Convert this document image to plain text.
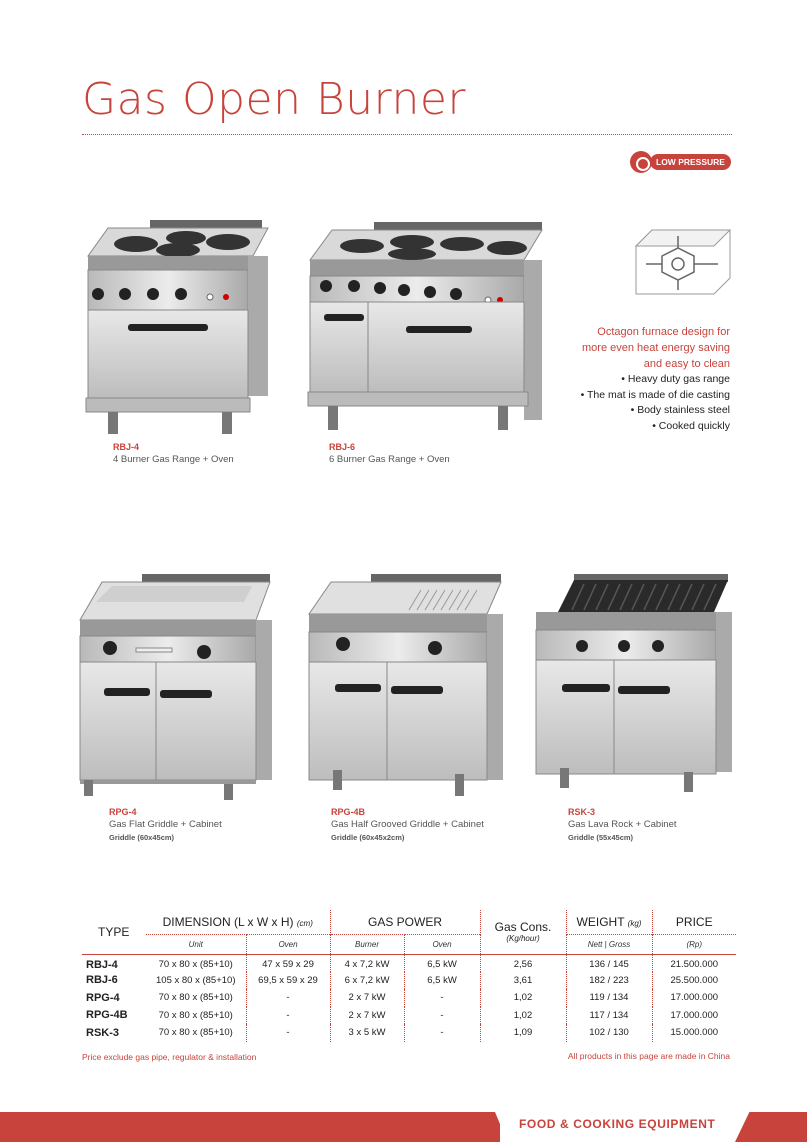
Gas Open Burner
LOW PRESSURE
RBJ-4
4 Burner Gas Range + Oven
RBJ-6
6 Burner Gas Range + Oven
Octagon furnace design for
more even heat energy saving
and easy to clean
• Heavy duty gas range
• The mat is made of die casting
• Body stainless steel
• Cooked quickly
RPG-4
Gas Flat Griddle + Cabinet
Griddle (60x45cm)
RPG-4B
Gas Half Grooved Griddle + Cabinet
Griddle (60x45x2cm)
RSK-3
Gas Lava Rock + Cabinet
Griddle (55x45cm)
TYPE	DIMENSION (L x W x H) (cm)		GAS POWER		Gas Cons.
(Kg/hour)	WEIGHT (kg)	PRICE
	Unit	Oven	Burner	Oven		Nett | Gross	(Rp)
RBJ-4	70 x 80 x (85+10)	47 x 59 x 29	4 x 7,2 kW	6,5 kW	2,56	136 / 145	21.500.000
RBJ-6	105 x 80 x (85+10)	69,5 x 59 x 29	6 x 7,2 kW	6,5 kW	3,61	182 / 223	25.500.000
RPG-4	70 x 80 x (85+10)	-	2 x 7 kW	-	1,02	119 / 134	17.000.000
RPG-4B	70 x 80 x (85+10)	-	2 x 7 kW	-	1,02	117 / 134	17.000.000
RSK-3	70 x 80 x (85+10)	-	3 x 5 kW	-	1,09	102 / 130	15.000.000
Price exclude gas pipe, regulator & installation	All products in this page are made in China
FOOD & COOKING EQUIPMENT
